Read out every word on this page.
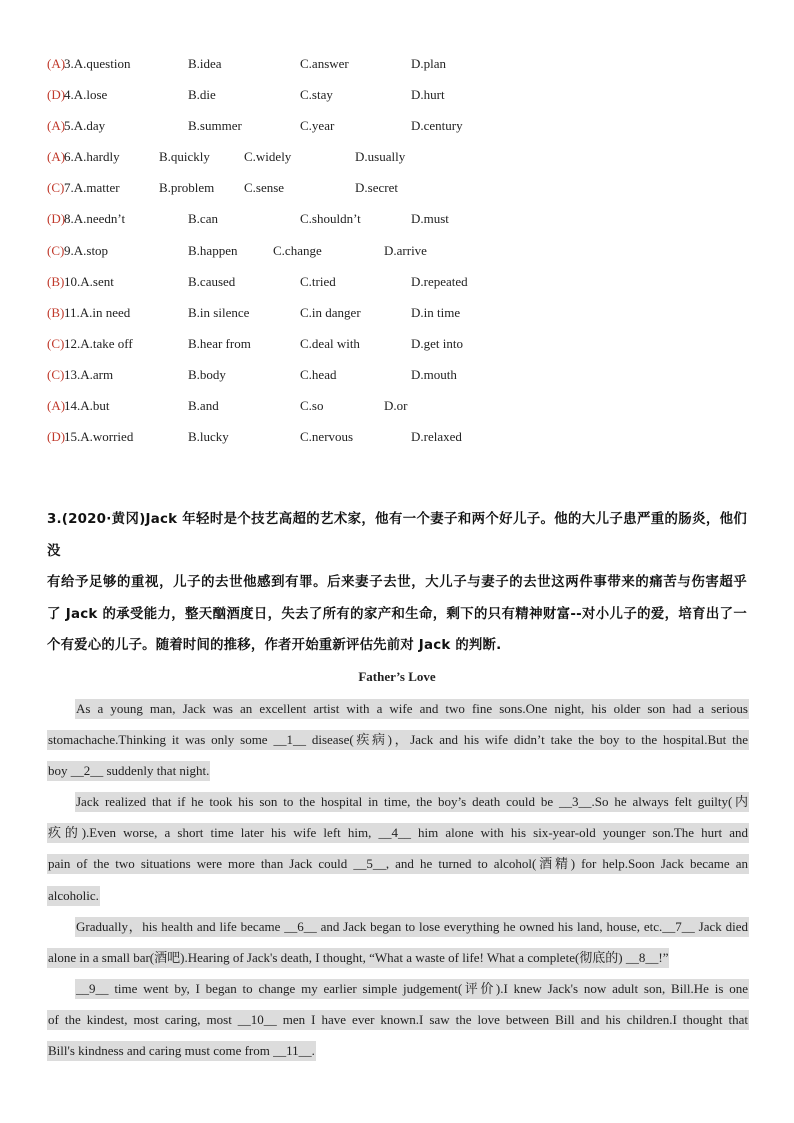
(A)
3.A.question	B.idea	C.answer	D.plan
(D)
4.A.lose	B.die	C.stay	D.hurt
(A)
5.A.day	B.summer	C.year	D.century
(A)
6.A.hardly	B.quickly	C.widely	D.usually
(C) 7.A.matter	B.problem C.sense	D.secret
(D)
8.A.needn’t	B.can	C.shouldn’t	D.must
(C) 9.A.stop	B.happen	C.change	D.arrive
(B) 10.A.sent	B.caused	C.tried	D.repeated
(B) 11.A.in need	B.in silence	C.in danger	D.in time
(C) 12.A.take off	B.hear from	C.deal with	D.get into
(C) 13.A.arm	B.body	C.head	D.mouth
(A)
14.A.but	B.and	C.so	D.or
(D)
15.A.worried	B.lucky	C.nervous	D.relaxed
3.(2020·黄冈)Jack 年轻时是个技艺高超的艺术家，他有一个妻子和两个好儿子。他的大儿子患严重的肠炎，他们没
有给予足够的重视，儿子的去世他感到有罪。后来妻子去世，大儿子与妻子的去世这两件事带来的痛苦与伤害超乎
了 Jack 的承受能力，整天酗酒度日，失去了所有的家产和生命，剩下的只有精神财富--对小儿子的爱，培育出了一
个有爱心的儿子。随着时间的推移，作者开始重新评估先前对 Jack 的判断.
Father’s Love
As a young man, Jack was an excellent artist with a wife and two fine sons.One night, his older son had a serious
stomachache.Thinking it was only some __1__ disease(疾病)，Jack and his wife didn’t take the boy to the hospital.But the
boy __2__ suddenly that night.
Jack realized that if he took his son to the hospital in time, the boy’s death could be __3__.So he always felt guilty(内
疚的).Even worse, a short time later his wife left him, __4__ him alone with his six-year-old younger son.The hurt and
pain of the two situations were more than Jack could __5__, and he turned to alcohol(酒精) for help.Soon Jack became an
alcoholic.
Gradually，his health and life became __6__ and Jack began to lose everything he owned his land, house, etc.__7__ Jack died
alone in a small bar(酒吧).Hearing of Jack's death, I thought, “What a waste of life! What a complete(彻底的) __8__!”
__9__ time went by, I began to change my earlier simple judgement(评价).I knew Jack's now adult son, Bill.He is one
of the kindest, most caring, most __10__ men I have ever known.I saw the love between Bill and his children.I thought that
Bill's kindness and caring must come from __11__.
